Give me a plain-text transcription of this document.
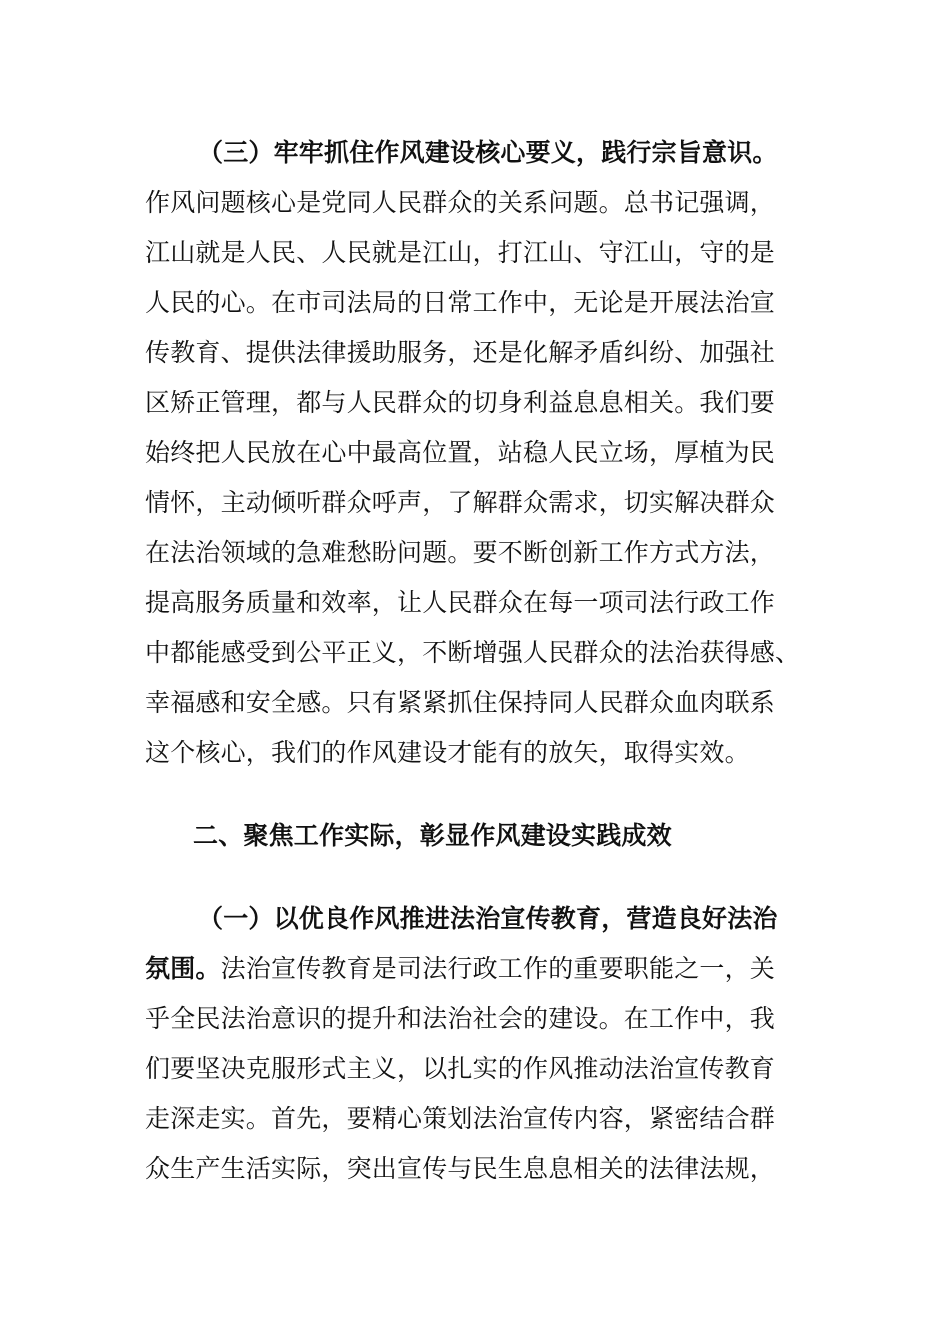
（三）牢牢抓住作风建设核心要义，践行宗旨意识。
作风问题核心是党同人民群众的关系问题。总书记强调，
江山就是人民、人民就是江山，打江山、守江山，守的是
人民的心。在市司法局的日常工作中，无论是开展法治宣
传教育、提供法律援助服务，还是化解矛盾纠纷、加强社
区矫正管理，都与人民群众的切身利益息息相关。我们要
始终把人民放在心中最高位置，站稳人民立场，厚植为民
情怀，主动倾听群众呼声，了解群众需求，切实解决群众
在法治领域的急难愁盼问题。要不断创新工作方式方法，
提高服务质量和效率，让人民群众在每一项司法行政工作
中都能感受到公平正义，不断增强人民群众的法治获得感、
幸福感和安全感。只有紧紧抓住保持同人民群众血肉联系
这个核心，我们的作风建设才能有的放矢，取得实效。
二、聚焦工作实际，彰显作风建设实践成效
（一）以优良作风推进法治宣传教育，营造良好法治
氛围。法治宣传教育是司法行政工作的重要职能之一，关
乎全民法治意识的提升和法治社会的建设。在工作中，我
们要坚决克服形式主义，以扎实的作风推动法治宣传教育
走深走实。首先，要精心策划法治宣传内容，紧密结合群
众生产生活实际，突出宣传与民生息息相关的法律法规，
